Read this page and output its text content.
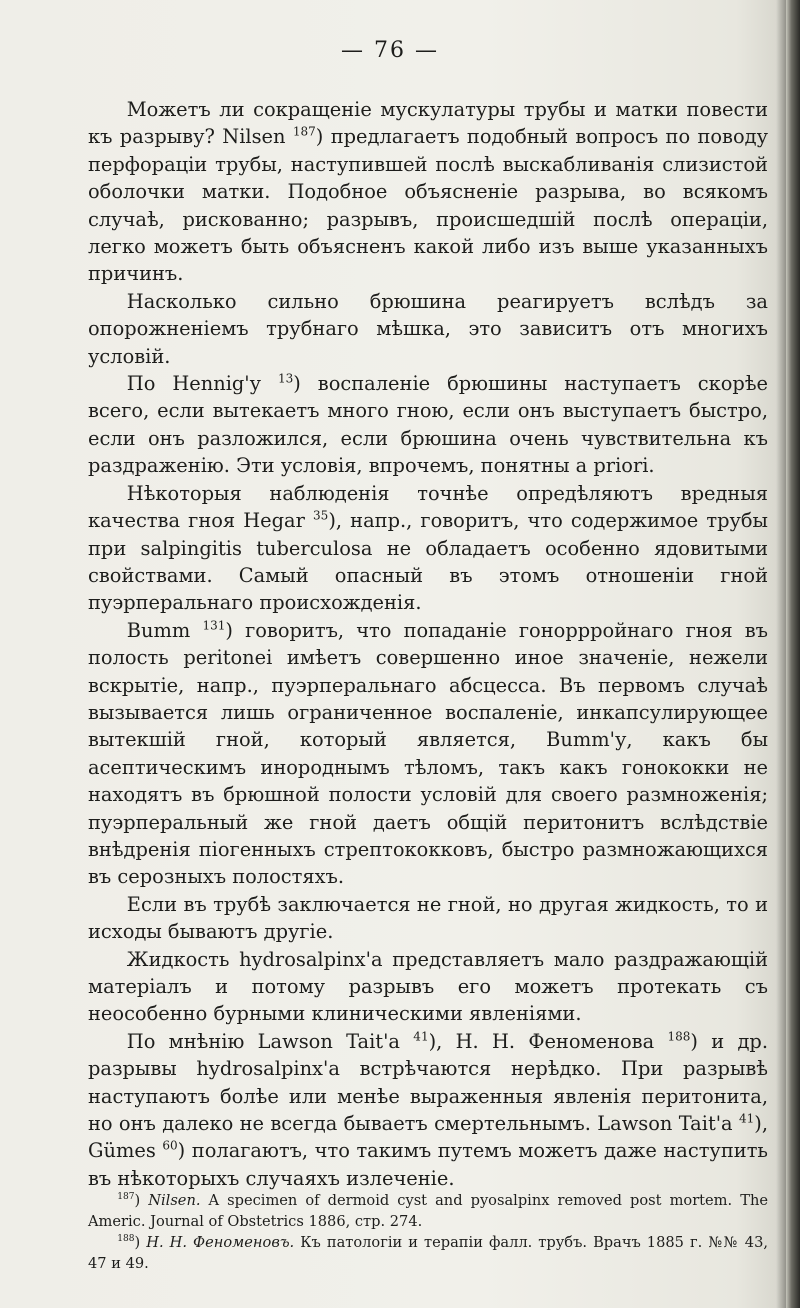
— 76 —

Можетъ ли сокращеніе мускулатуры трубы и матки повести къ разрыву? Nilsen $^{187}$) предлагаетъ подобный вопросъ по поводу перфораціи трубы, наступившей послѣ выскабливанія слизистой оболочки матки. Подобное объясненіе разрыва, во всякомъ случаѣ, рискованно; разрывъ, происшедшій послѣ операціи, легко можетъ быть объясненъ какой либо изъ выше указанныхъ причинъ.

Насколько сильно брюшина реагируетъ вслѣдъ за опорожненіемъ трубнаго мѣшка, это зависитъ отъ многихъ условій.

По Hennig'у $^{13}$) воспаленіе брюшины наступаетъ скорѣе всего, если вытекаетъ много гною, если онъ выступаетъ быстро, если онъ разложился, если брюшина очень чувствительна къ раздраженію. Эти условія, впрочемъ, понятны а priori.

Нѣкоторыя наблюденія точнѣе опредѣляютъ вредныя качества гноя Hegar $^{35}$), напр., говоритъ, что содержимое трубы при salpingitis tuberculosa не обладаетъ особенно ядовитыми свойствами. Самый опасный въ этомъ отношеніи гной пуэрперальнаго происхожденія.

Bumm $^{131}$) говоритъ, что попаданіе гоноррройнаго гноя въ полость peritonei имѣетъ совершенно иное значеніе, нежели вскрытіе, напр., пуэрперальнаго абсцесса. Въ первомъ случаѣ вызывается лишь ограниченное воспаленіе, инкапсулирующее вытекшій гной, который является, Bumm'у, какъ бы асептическимъ инороднымъ тѣломъ, такъ какъ гонококки не находятъ въ брюшной полости условій для своего размноженія; пуэрперальный же гной даетъ общій перитонитъ вслѣдствіе внѣдренія піогенныхъ стрептококковъ, быстро размножающихся въ серозныхъ полостяхъ.

Если въ трубѣ заключается не гной, но другая жидкость, то и исходы бываютъ другіе.

Жидкость hydrosalpinx'а представляетъ мало раздражающій матеріалъ и потому разрывъ его можетъ протекать съ неособенно бурными клиническими явленіями.

По мнѣнію Lawson Tait'а $^{41}$), Н. Н. Феноменова $^{188}$) и др. разрывы hydrosalpinx'а встрѣчаются нерѣдко. При разрывѣ наступаютъ болѣе или менѣе выраженныя явленія перитонита, но онъ далеко не всегда бываетъ смертельнымъ. Lawson Tait'а $^{41}$), Gümes $^{60}$) полагаютъ, что такимъ путемъ можетъ даже наступить въ нѣкоторыхъ случаяхъ излеченіе.

$^{187}$) Nilsen. A specimen of dermoid cyst and pyosalpinx removed post mortem. The Americ. Journal of Obstetrics 1886, стр. 274.

$^{188}$) Н. Н. Феноменовъ. Къ патологіи и терапіи фалл. трубъ. Врачъ 1885 г. №№ 43, 47 и 49.
